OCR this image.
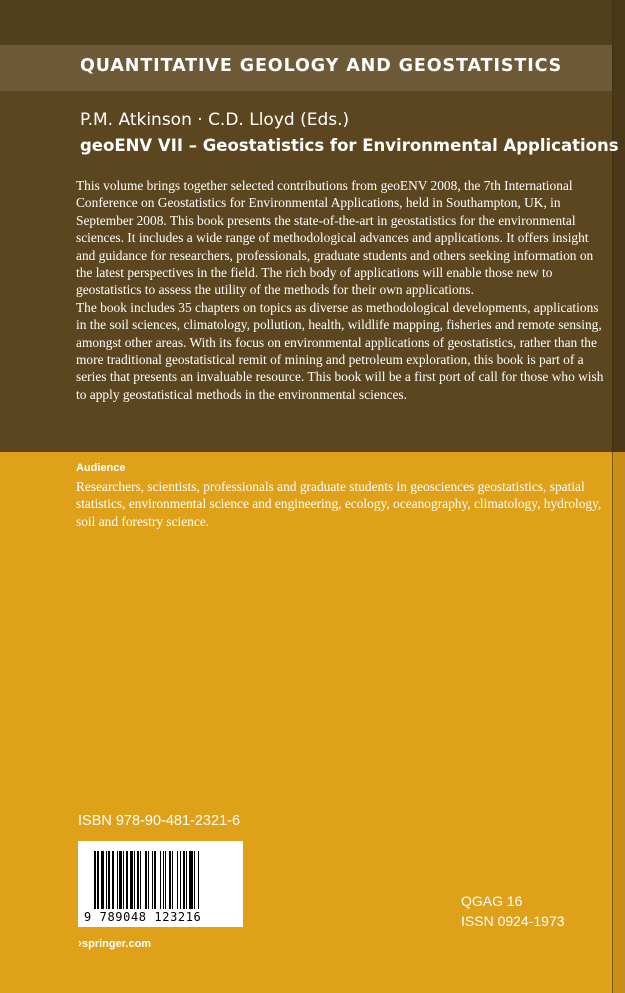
QUANTITATIVE GEOLOGY AND GEOSTATISTICS
P.M. Atkinson · C.D. Lloyd (Eds.)
geoENV VII – Geostatistics for Environmental Applications

This volume brings together selected contributions from geoENV 2008, the 7th International Conference on Geostatistics for Environmental Applications, held in Southampton, UK, in September 2008. This book presents the state-of-the-art in geostatistics for the environmental sciences. It includes a wide range of methodological advances and applications. It offers insight and guidance for researchers, professionals, graduate students and others seeking information on the latest perspectives in the field. The rich body of applications will enable those new to geostatistics to assess the utility of the methods for their own applications.

The book includes 35 chapters on topics as diverse as methodological developments, applications in the soil sciences, climatology, pollution, health, wildlife mapping, fisheries and remote sensing, amongst other areas. With its focus on environmental applications of geostatistics, rather than the more traditional geostatistical remit of mining and petroleum exploration, this book is part of a series that presents an invaluable resource. This book will be a first port of call for those who wish to apply geostatistical methods in the environmental sciences.

Audience
Researchers, scientists, professionals and graduate students in geosciences geostatistics, spatial statistics, environmental science and engineering, ecology, oceanography, climatology, hydrology, soil and forestry science.
ISBN 978-90-481-2321-6
9 789048 123216
›springer.com
QGAG 16
ISSN 0924-1973
